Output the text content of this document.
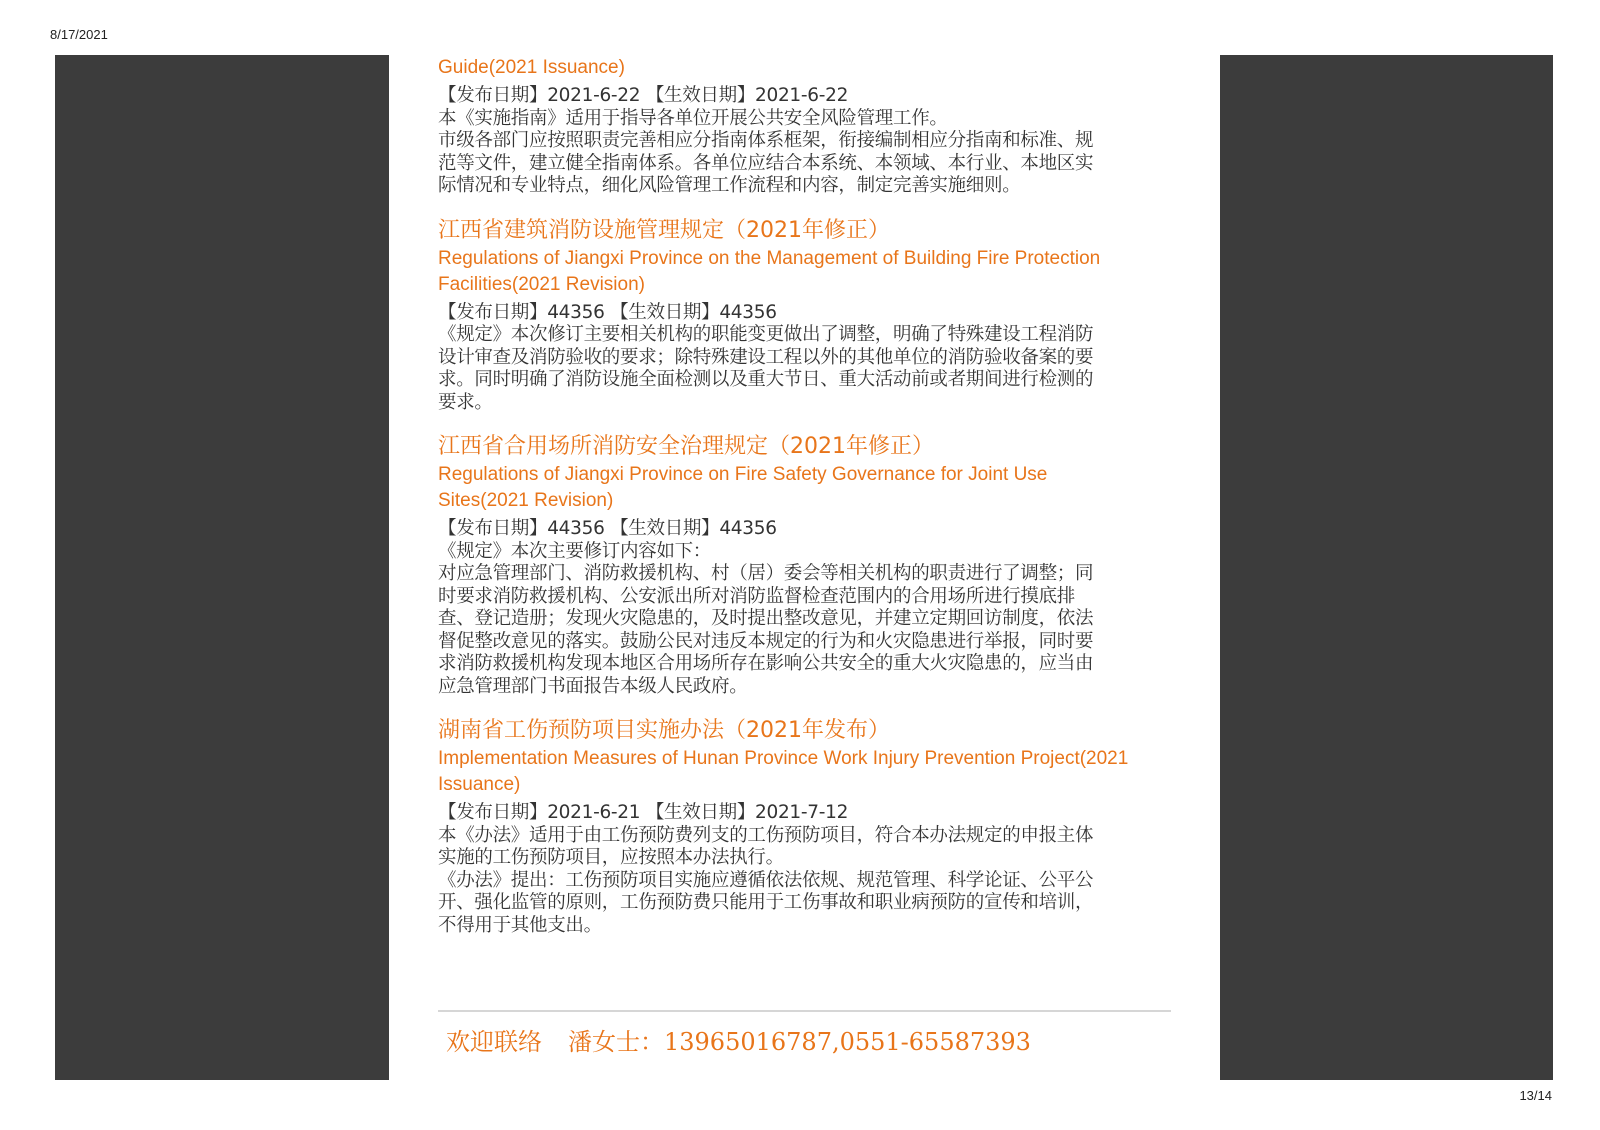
8/17/2021

Guide(2021 Issuance)

【发布日期】2021-6-22 【生效日期】2021-6-22

本《实施指南》适用于指导各单位开展公共安全风险管理工作。

市级各部门应按照职责完善相应分指南体系框架，衔接编制相应分指南和标准、规

范等文件，建立健全指南体系。各单位应结合本系统、本领域、本行业、本地区实

际情况和专业特点，细化风险管理工作流程和内容，制定完善实施细则。

江西省建筑消防设施管理规定（2021年修正）

Regulations of Jiangxi Province on the Management of Building Fire Protection
Facilities(2021 Revision)

【发布日期】44356 【生效日期】44356

《规定》本次修订主要相关机构的职能变更做出了调整，明确了特殊建设工程消防

设计审查及消防验收的要求；除特殊建设工程以外的其他单位的消防验收备案的要

求。同时明确了消防设施全面检测以及重大节日、重大活动前或者期间进行检测的

要求。

江西省合用场所消防安全治理规定（2021年修正）

Regulations of Jiangxi Province on Fire Safety Governance for Joint Use
Sites(2021 Revision)

【发布日期】44356 【生效日期】44356

《规定》本次主要修订内容如下：

对应急管理部门、消防救援机构、村（居）委会等相关机构的职责进行了调整；同

时要求消防救援机构、公安派出所对消防监督检查范围内的合用场所进行摸底排

查、登记造册；发现火灾隐患的，及时提出整改意见，并建立定期回访制度，依法

督促整改意见的落实。鼓励公民对违反本规定的行为和火灾隐患进行举报，同时要

求消防救援机构发现本地区合用场所存在影响公共安全的重大火灾隐患的，应当由

应急管理部门书面报告本级人民政府。

湖南省工伤预防项目实施办法（2021年发布）

Implementation Measures of Hunan Province Work Injury Prevention Project(2021
Issuance)

【发布日期】2021-6-21 【生效日期】2021-7-12

本《办法》适用于由工伤预防费列支的工伤预防项目，符合本办法规定的申报主体

实施的工伤预防项目，应按照本办法执行。

《办法》提出：工伤预防项目实施应遵循依法依规、规范管理、科学论证、公平公

开、强化监管的原则，工伤预防费只能用于工伤事故和职业病预防的宣传和培训，

不得用于其他支出。

欢迎联络 潘女士：13965016787,0551-65587393
13/14
